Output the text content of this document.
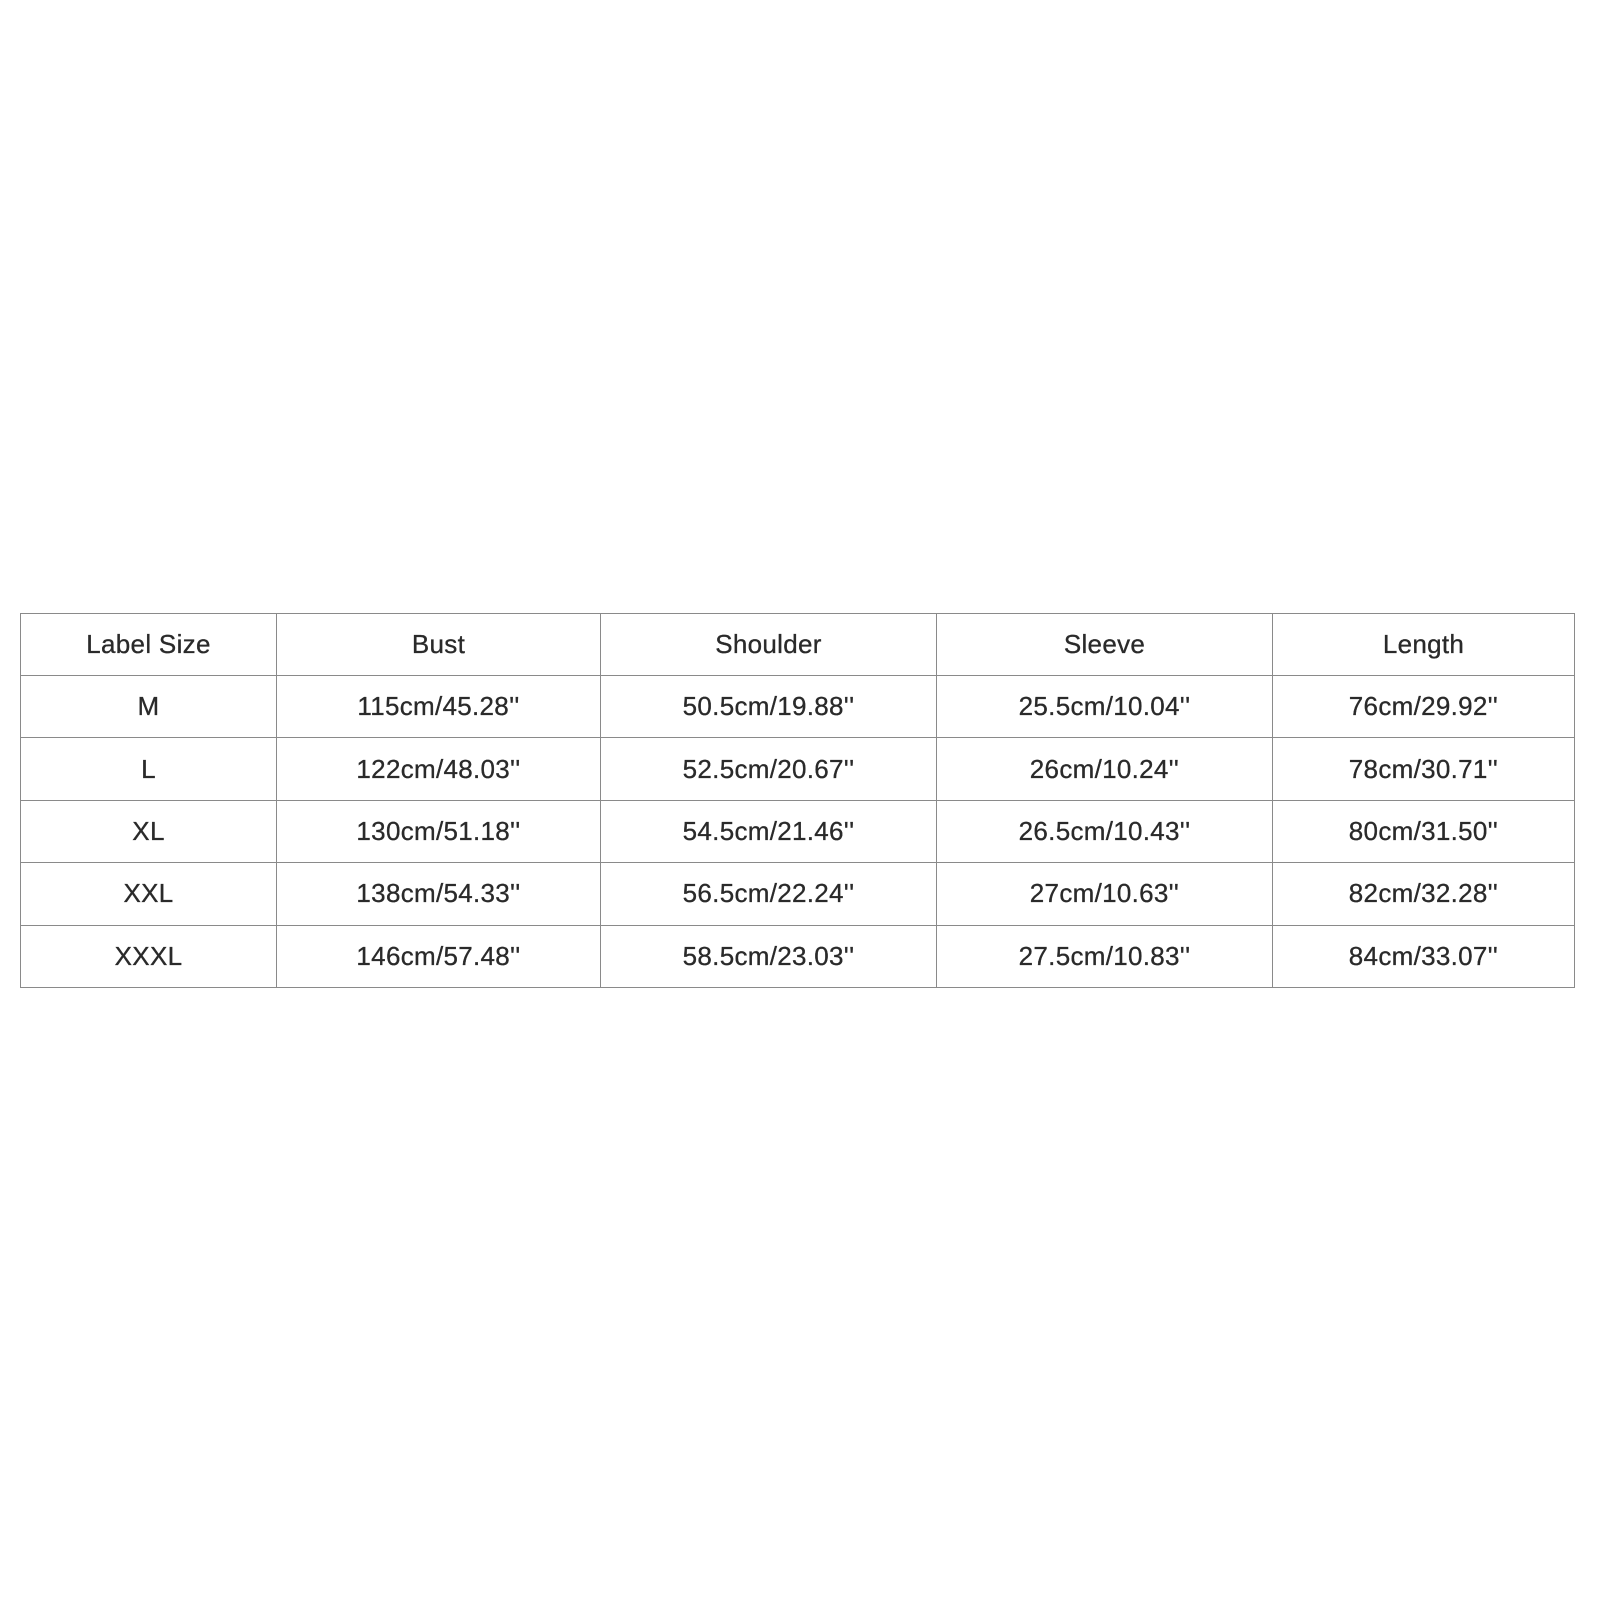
Label Size	Bust	Shoulder	Sleeve	Length
M	115cm/45.28''	50.5cm/19.88''	25.5cm/10.04''	76cm/29.92''
L	122cm/48.03''	52.5cm/20.67''	26cm/10.24''	78cm/30.71''
XL	130cm/51.18''	54.5cm/21.46''	26.5cm/10.43''	80cm/31.50''
XXL	138cm/54.33''	56.5cm/22.24''	27cm/10.63''	82cm/32.28''
XXXL	146cm/57.48''	58.5cm/23.03''	27.5cm/10.83''	84cm/33.07''
